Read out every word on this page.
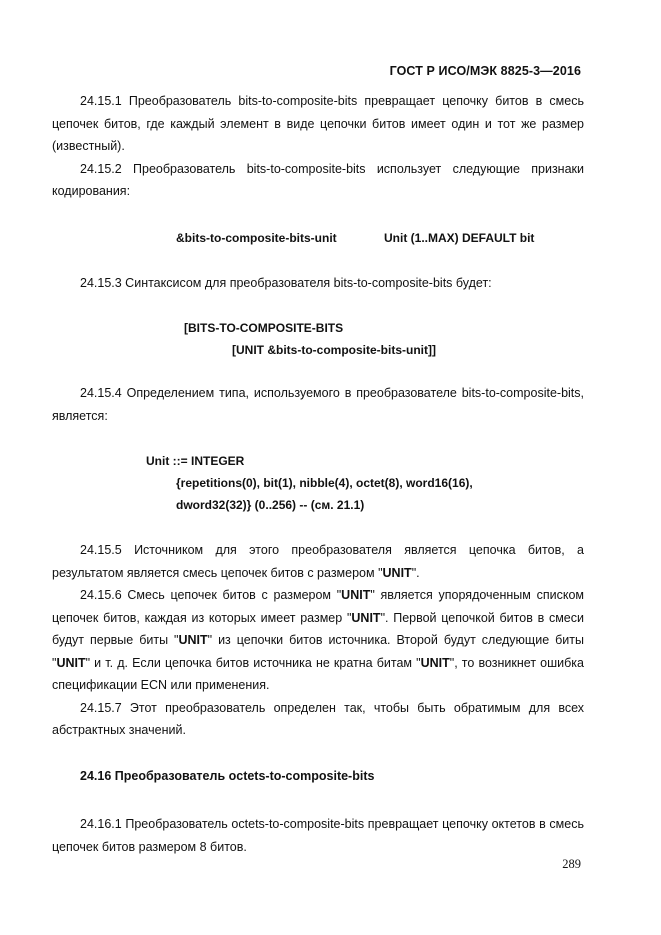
ГОСТ Р ИСО/МЭК 8825-3—2016

24.15.1 Преобразователь bits-to-composite-bits превращает цепочку битов в смесь цепочек битов, где каждый элемент в виде цепочки битов имеет один и тот же размер (известный).

24.15.2 Преобразователь bits-to-composite-bits использует следующие признаки кодирования:

&bits-to-composite-bits-unit	Unit (1..MAX) DEFAULT bit

24.15.3 Синтаксисом для преобразователя bits-to-composite-bits будет:

[BITS-TO-COMPOSITE-BITS
[UNIT &bits-to-composite-bits-unit]]

24.15.4 Определением типа, используемого в преобразователе bits-to-composite-bits, является:

Unit ::= INTEGER
{repetitions(0), bit(1), nibble(4), octet(8), word16(16),
dword32(32)} (0..256) -- (см. 21.1)

24.15.5 Источником для этого преобразователя является цепочка битов, а результатом является смесь цепочек битов с размером "UNIT".

24.15.6 Смесь цепочек битов с размером "UNIT" является упорядоченным списком цепочек битов, каждая из которых имеет размер "UNIT". Первой цепочкой битов в смеси будут первые биты "UNIT" из цепочки битов источника. Второй будут следующие биты "UNIT" и т. д. Если цепочка битов источника не кратна битам "UNIT", то возникнет ошибка спецификации ECN или применения.

24.15.7 Этот преобразователь определен так, чтобы быть обратимым для всех абстрактных значений.

24.16 Преобразователь octets-to-composite-bits

24.16.1 Преобразователь octets-to-composite-bits превращает цепочку октетов в смесь цепочек битов размером 8 битов.

289
